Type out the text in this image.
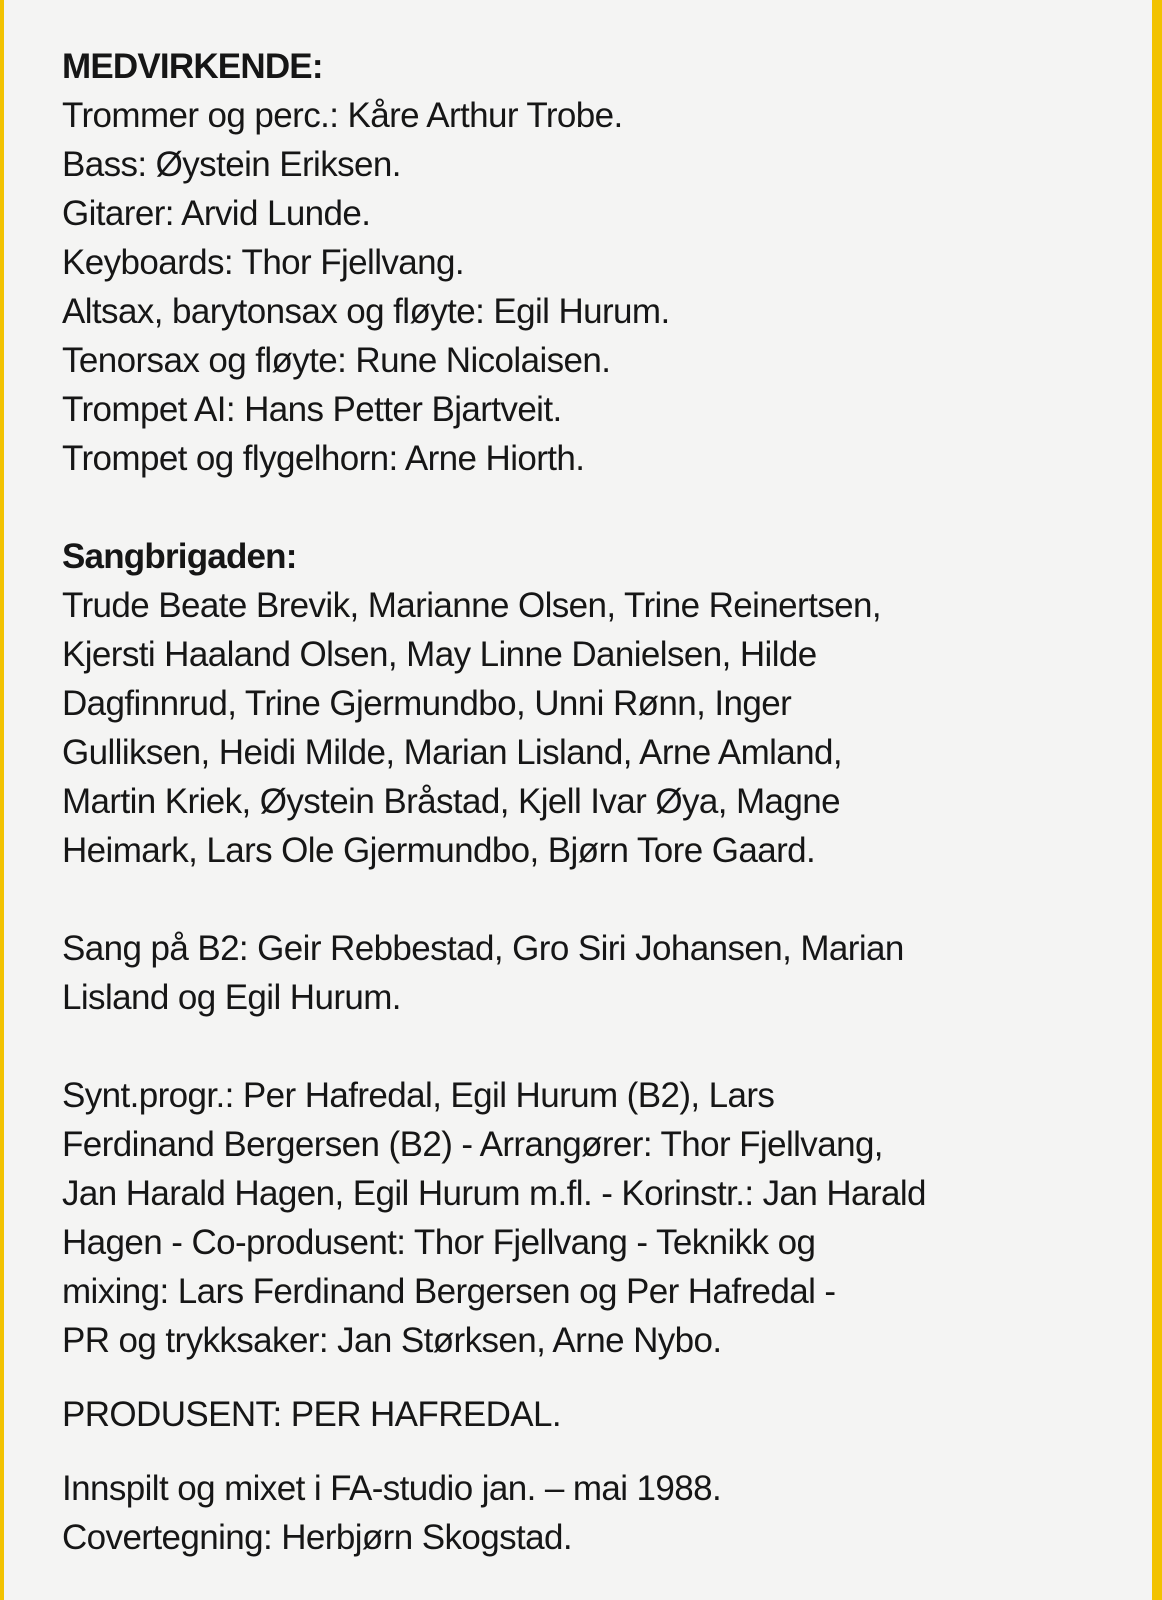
MEDVIRKENDE:
Trommer og perc.: Kåre Arthur Trobe.
Bass: Øystein Eriksen.
Gitarer: Arvid Lunde.
Keyboards: Thor Fjellvang.
Altsax, barytonsax og fløyte: Egil Hurum.
Tenorsax og fløyte: Rune Nicolaisen.
Trompet AI: Hans Petter Bjartveit.
Trompet og flygelhorn: Arne Hiorth.
Sangbrigaden:
Trude Beate Brevik, Marianne Olsen, Trine Reinertsen,
Kjersti Haaland Olsen, May Linne Danielsen, Hilde
Dagfinnrud, Trine Gjermundbo, Unni Rønn, Inger
Gulliksen, Heidi Milde, Marian Lisland, Arne Amland,
Martin Kriek, Øystein Bråstad, Kjell Ivar Øya, Magne
Heimark, Lars Ole Gjermundbo, Bjørn Tore Gaard.
Sang på B2: Geir Rebbestad, Gro Siri Johansen, Marian
Lisland og Egil Hurum.
Synt.progr.: Per Hafredal, Egil Hurum (B2), Lars
Ferdinand Bergersen (B2) - Arrangører: Thor Fjellvang,
Jan Harald Hagen, Egil Hurum m.fl. - Korinstr.: Jan Harald
Hagen - Co-produsent: Thor Fjellvang - Teknikk og
mixing: Lars Ferdinand Bergersen og Per Hafredal -
PR og trykksaker: Jan Størksen, Arne Nybo.
PRODUSENT: PER HAFREDAL.
Innspilt og mixet i FA-studio jan. – mai 1988.
Covertegning: Herbjørn Skogstad.
